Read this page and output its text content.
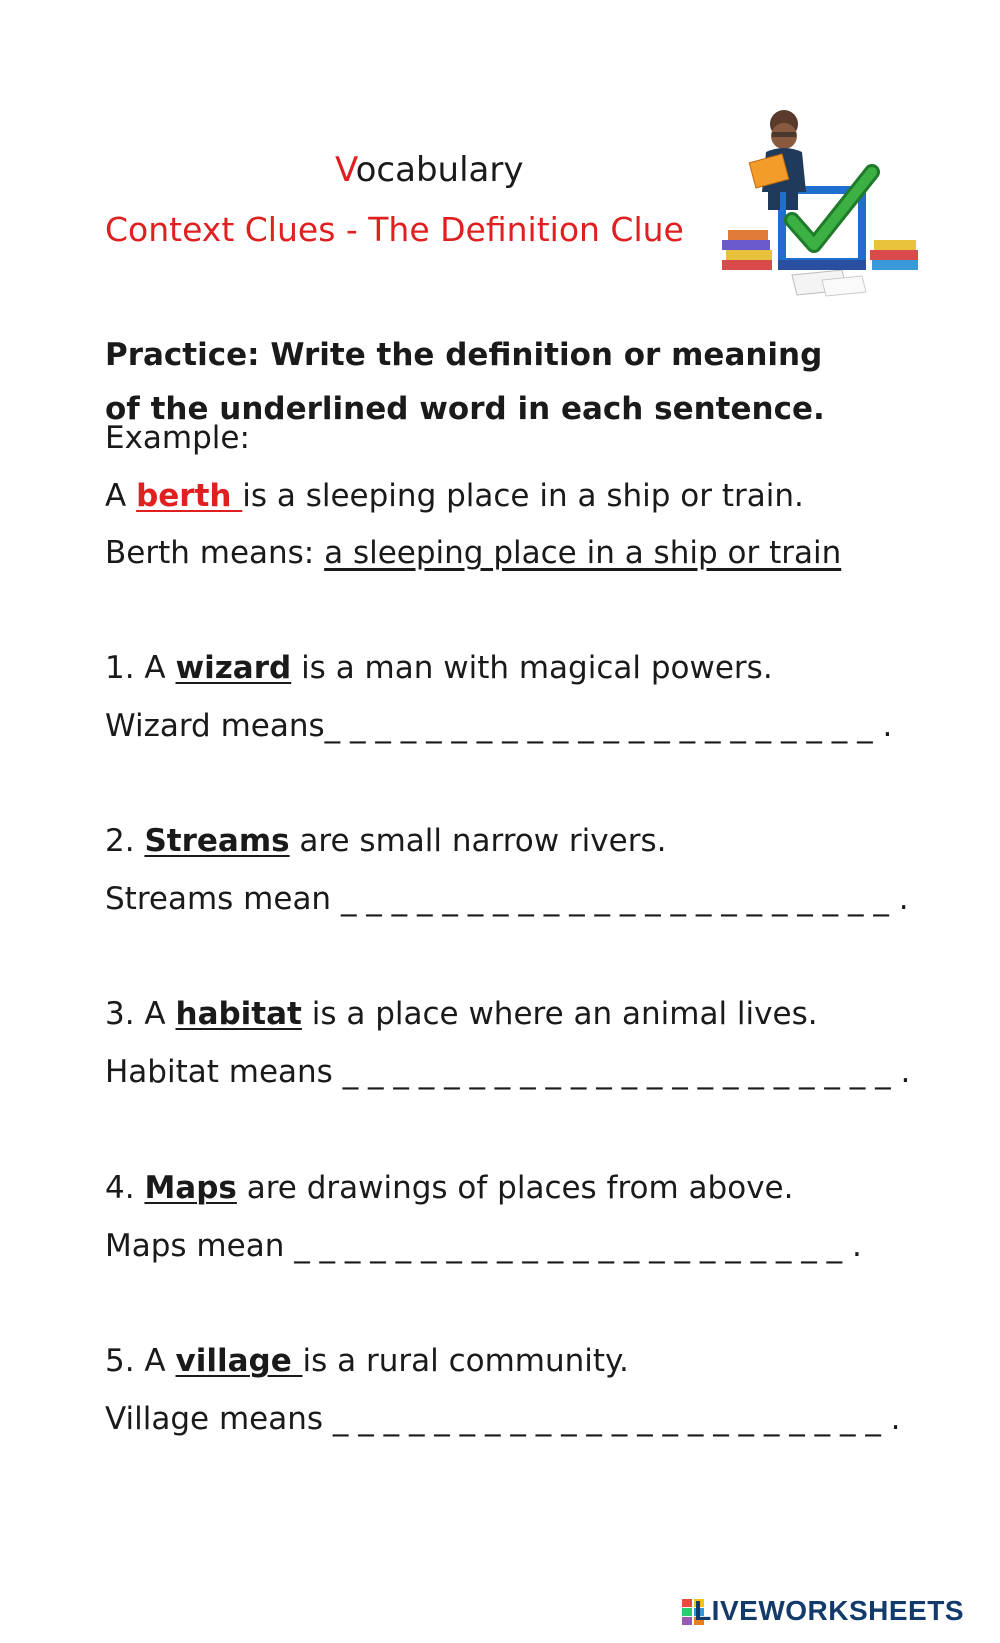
Vocabulary
Context Clues - The Definition Clue
Practice: Write the definition or meaning of the underlined word in each sentence.
Example:
A berth is a sleeping place in a ship or train.
Berth means: a sleeping place in a ship or train
1. A wizard is a man with magical powers.
Wizard means_ _ _ _ _ _ _ _ _ _ _ _ _ _ _ _ _ _ _ _ _ _ .
2. Streams are small narrow rivers.
Streams mean _ _ _ _ _ _ _ _ _ _ _ _ _ _ _ _ _ _ _ _ _ _ .
3. A habitat is a place where an animal lives.
Habitat means _ _ _ _ _ _ _ _ _ _ _ _ _ _ _ _ _ _ _ _ _ _ .
4. Maps are drawings of places from above.
Maps mean _ _ _ _ _ _ _ _ _ _ _ _ _ _ _ _ _ _ _ _ _ _ .
5. A village is a rural community.
Village means _ _ _ _ _ _ _ _ _ _ _ _ _ _ _ _ _ _ _ _ _ _ .
LIVEWORKSHEETS
